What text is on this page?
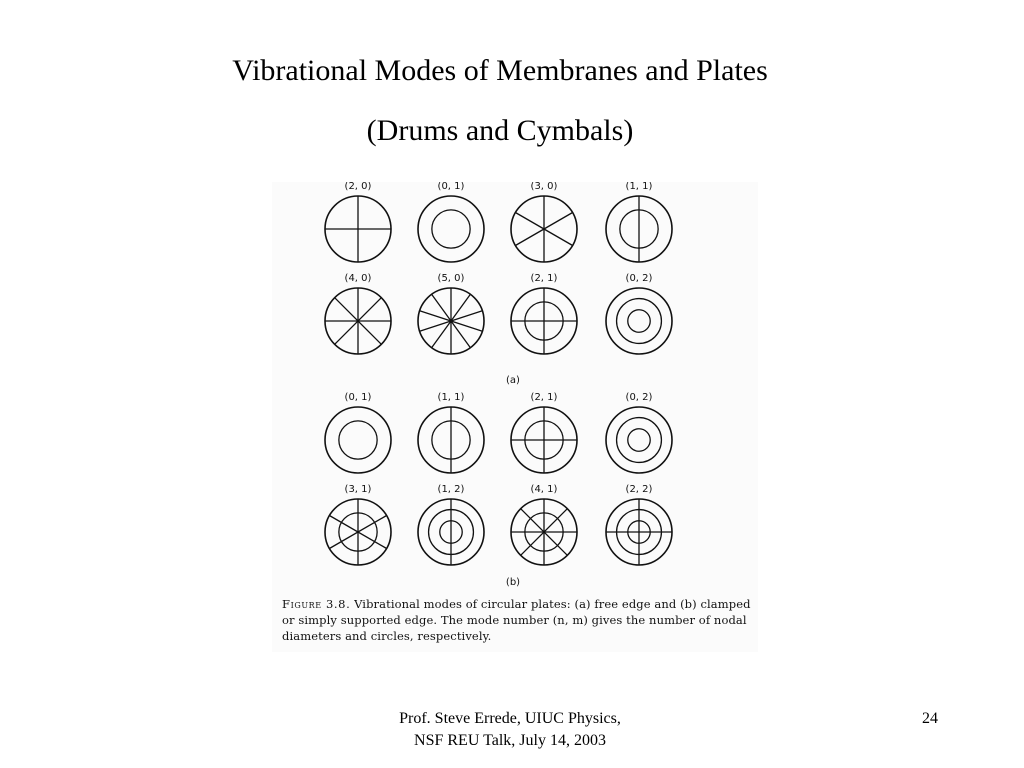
Vibrational Modes of Membranes and Plates
(Drums and Cymbals)
(2, 0)	(0, 1)	(3, 0)	(1, 1)
(4, 0)	(5, 0)	(2, 1)	(0, 2)
(a)
(0, 1)	(1, 1)	(2, 1)	(0, 2)
(3, 1)	(1, 2)	(4, 1)	(2, 2)
(b)
Figure 3.8. Vibrational modes of circular plates: (a) free edge and (b) clamped or simply supported edge. The mode number (n, m) gives the number of nodal diameters and circles, respectively.
Prof. Steve Errede, UIUC Physics,
NSF REU Talk, July 14, 2003
24
